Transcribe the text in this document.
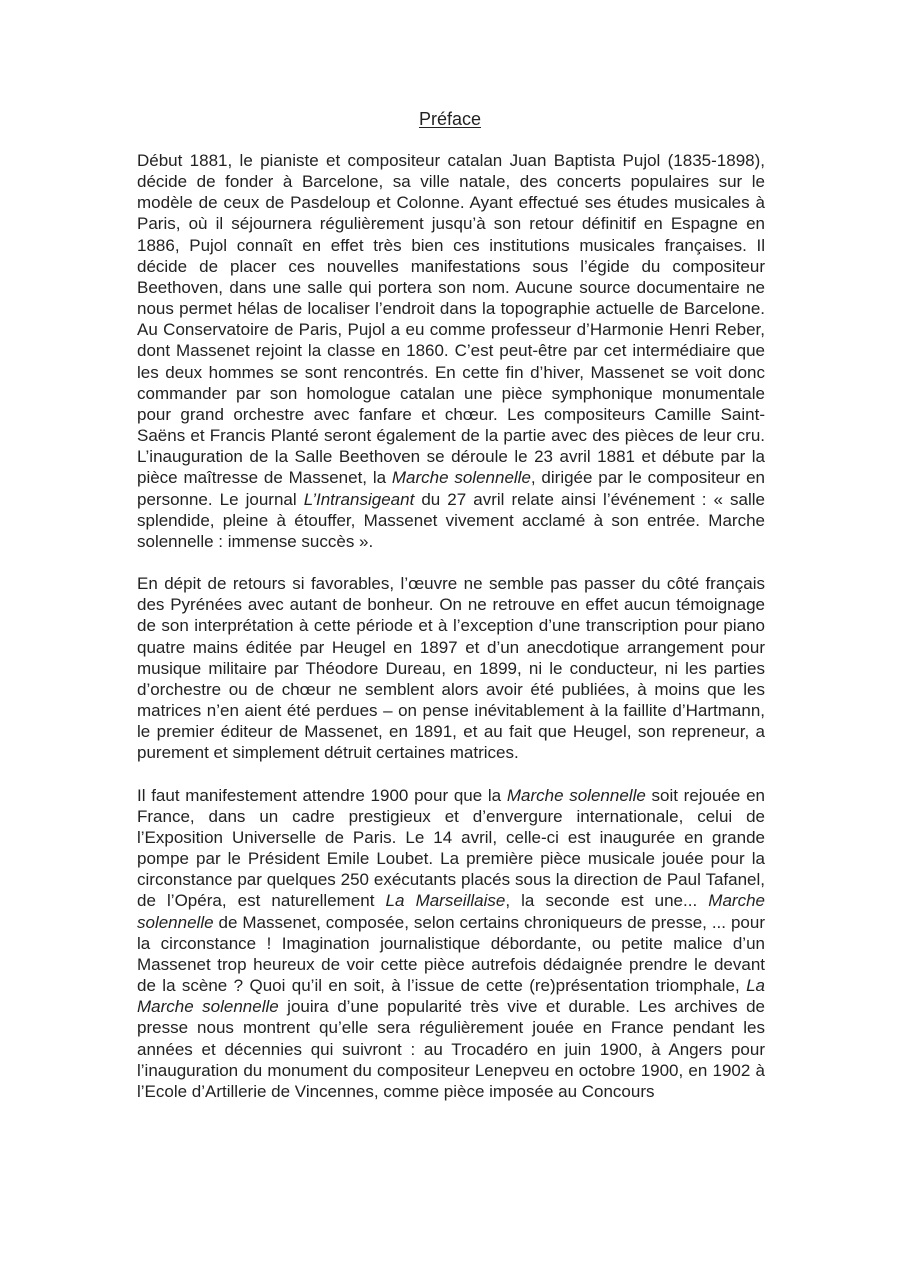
Préface

Début 1881, le pianiste et compositeur catalan Juan Baptista Pujol (1835-1898), décide de fonder à Barcelone, sa ville natale, des concerts populaires sur le modèle de ceux de Pasdeloup et Colonne. Ayant effectué ses études musicales à Paris, où il séjournera régulièrement jusqu’à son retour définitif en Espagne en 1886, Pujol connaît en effet très bien ces institutions musicales françaises. Il décide de placer ces nouvelles manifestations sous l’égide du compositeur Beethoven, dans une salle qui portera son nom. Aucune source documentaire ne nous permet hélas de localiser l’endroit dans la topographie actuelle de Barcelone. Au Conservatoire de Paris, Pujol a eu comme professeur d’Harmonie Henri Reber, dont Massenet rejoint la classe en 1860. C’est peut-être par cet intermédiaire que les deux hommes se sont rencontrés. En cette fin d’hiver, Massenet se voit donc commander par son homologue catalan une pièce symphonique monumentale pour grand orchestre avec fanfare et chœur. Les compositeurs Camille Saint-Saëns et Francis Planté seront également de la partie avec des pièces de leur cru. L’inauguration de la Salle Beethoven se déroule le 23 avril 1881 et débute par la pièce maîtresse de Massenet, la Marche solennelle, dirigée par le compositeur en personne. Le journal L’Intransigeant du 27 avril relate ainsi l’événement : « salle splendide, pleine à étouffer, Massenet vivement acclamé à son entrée. Marche solennelle : immense succès ».

En dépit de retours si favorables, l’œuvre ne semble pas passer du côté français des Pyrénées avec autant de bonheur. On ne retrouve en effet aucun témoignage de son interprétation à cette période et à l’exception d’une transcription pour piano quatre mains éditée par Heugel en 1897 et d’un anecdotique arrangement pour musique militaire par Théodore Dureau, en 1899, ni le conducteur, ni les parties d’orchestre ou de chœur ne semblent alors avoir été publiées, à moins que les matrices n’en aient été perdues – on pense inévitablement à la faillite d’Hartmann, le premier éditeur de Massenet, en 1891, et au fait que Heugel, son repreneur, a purement et simplement détruit certaines matrices.

Il faut manifestement attendre 1900 pour que la Marche solennelle soit rejouée en France, dans un cadre prestigieux et d’envergure internationale, celui de l’Exposition Universelle de Paris. Le 14 avril, celle-ci est inaugurée en grande pompe par le Président Emile Loubet. La première pièce musicale jouée pour la circonstance par quelques 250 exécutants placés sous la direction de Paul Tafanel, de l’Opéra, est naturellement La Marseillaise, la seconde est une... Marche solennelle de Massenet, composée, selon certains chroniqueurs de presse, ... pour la circonstance ! Imagination journalistique débordante, ou petite malice d’un Massenet trop heureux de voir cette pièce autrefois dédaignée prendre le devant de la scène ? Quoi qu’il en soit, à l’issue de cette (re)présentation triomphale, La Marche solennelle jouira d’une popularité très vive et durable. Les archives de presse nous montrent qu’elle sera régulièrement jouée en France pendant les années et décennies qui suivront : au Trocadéro en juin 1900, à Angers pour l’inauguration du monument du compositeur Lenepveu en octobre 1900, en 1902 à l’Ecole d’Artillerie de Vincennes, comme pièce imposée au Concours
